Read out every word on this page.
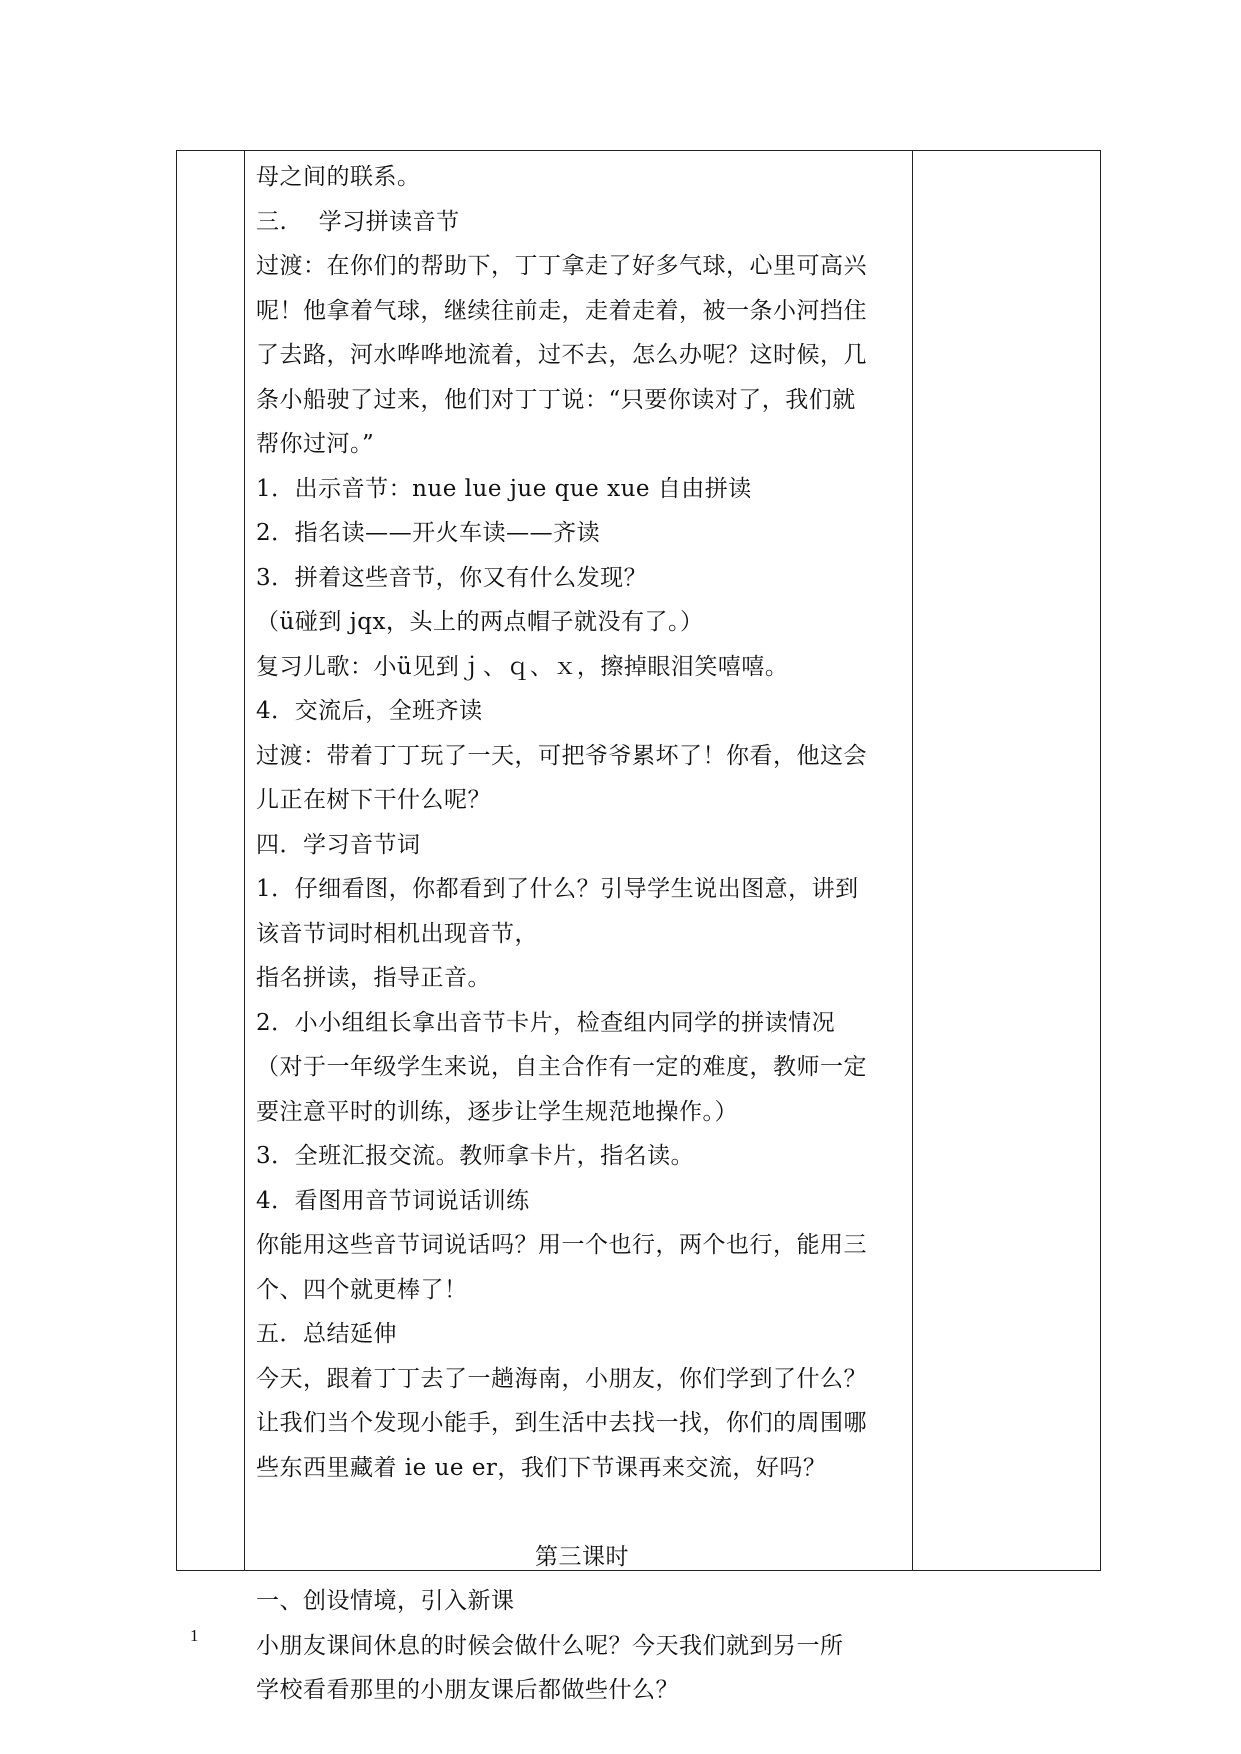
母之间的联系。
三.　 学习拼读音节
过渡：在你们的帮助下，丁丁拿走了好多气球，心里可高兴
呢！他拿着气球，继续往前走，走着走着，被一条小河挡住
了去路，河水哗哗地流着，过不去，怎么办呢？这时候，几
条小船驶了过来，他们对丁丁说：“只要你读对了，我们就
帮你过河。”
1．出示音节：nue lue jue que xue 自由拼读
2．指名读——开火车读——齐读
3．拼着这些音节，你又有什么发现？
（ü碰到 jqx，头上的两点帽子就没有了。）
复习儿歌：小ü见到ｊ、ｑ、ｘ，擦掉眼泪笑嘻嘻。
4．交流后，全班齐读
过渡：带着丁丁玩了一天，可把爷爷累坏了！你看，他这会
儿正在树下干什么呢？
四．学习音节词
1．仔细看图，你都看到了什么？引导学生说出图意，讲到
该音节词时相机出现音节，
指名拼读，指导正音。
2．小小组组长拿出音节卡片，检查组内同学的拼读情况
（对于一年级学生来说，自主合作有一定的难度，教师一定
要注意平时的训练，逐步让学生规范地操作。）
3．全班汇报交流。教师拿卡片，指名读。
4．看图用音节词说话训练
你能用这些音节词说话吗？用一个也行，两个也行，能用三
个、四个就更棒了！
五．总结延伸
今天，跟着丁丁去了一趟海南，小朋友，你们学到了什么？
让我们当个发现小能手，到生活中去找一找，你们的周围哪
些东西里藏着 ie ue er，我们下节课再来交流，好吗？
第三课时
一、创设情境，引入新课
小朋友课间休息的时候会做什么呢？今天我们就到另一所
学校看看那里的小朋友课后都做些什么？
1
